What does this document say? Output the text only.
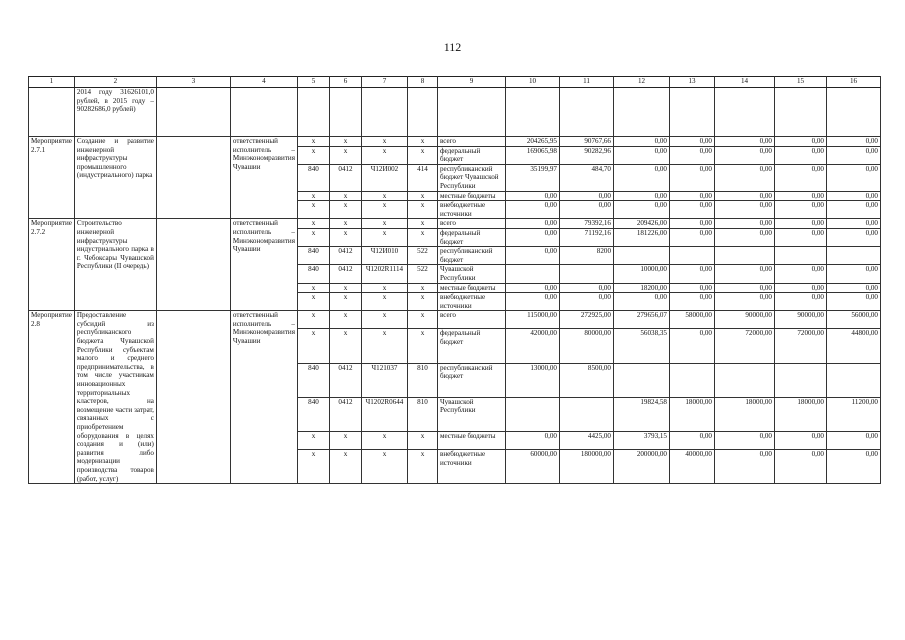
112
1	2	3	4	5	6	7	8	9	10	11	12	13	14	15	16
	2014 году 31626101,0 рублей, в 2015 году – 90282686,0 рублей)														
Мероприятие 2.7.1	Создание и развитие инженерной инфраструктуры промышленного (индустриального) парка		ответственный исполнитель – Минэкономразвития Чувашии	х	х	х	х	всего	204265,95	90767,66	0,00	0,00	0,00	0,00	0,00
				х	х	х	х	федеральный бюджет	169065,98	90282,96	0,00	0,00	0,00	0,00	0,00
				840	0412	Ч12И002	414	республиканский бюджет Чувашской Республики	35199,97	484,70	0,00	0,00	0,00	0,00	0,00
				х	х	х	х	местные бюджеты	0,00	0,00	0,00	0,00	0,00	0,00	0,00
				х	х	х	х	внебюджетные источники	0,00	0,00	0,00	0,00	0,00	0,00	0,00
Мероприятие 2.7.2	Строительство инженерной инфраструктуры индустриального парка в г. Чебоксары Чувашской Республики (II очередь)		ответственный исполнитель – Минэкономразвития Чувашии	х	х	х	х	всего	0,00	79392,16	209426,00	0,00	0,00	0,00	0,00
				х	х	х	х	федеральный бюджет	0,00	71192,16	181226,00	0,00	0,00	0,00	0,00
				840	0412	Ч12И010	522	республиканский бюджет	0,00	8200					
				840	0412	Ч1202R1114	522	Чувашской Республики			10000,00	0,00	0,00	0,00	0,00
				х	х	х	х	местные бюджеты	0,00	0,00	18200,00	0,00	0,00	0,00	0,00
				х	х	х	х	внебюджетные источники	0,00	0,00	0,00	0,00	0,00	0,00	0,00
Мероприятие 2.8	Предоставление субсидий из республиканского бюджета Чувашской Республики субъектам малого и среднего предпринимательства, в том числе участникам инновационных территориальных кластеров, на возмещение части затрат, связанных с приобретением оборудования в целях создания и (или) развития либо модернизации производства товаров (работ, услуг)		ответственный исполнитель – Минэкономразвития Чувашии	х	х	х	х	всего	115000,00	272925,00	279656,07	58000,00	90000,00	90000,00	56000,00
				х	х	х	х	федеральный бюджет	42000,00	80000,00	56038,35	0,00	72000,00	72000,00	44800,00
				840	0412	Ч121037	810	республиканский бюджет	13000,00	8500,00					
				840	0412	Ч1202R0644	810	Чувашской Республики			19824,58	18000,00	18000,00	18000,00	11200,00
				х	х	х	х	местные бюджеты	0,00	4425,00	3793,15	0,00	0,00	0,00	0,00
				х	х	х	х	внебюджетные источники	60000,00	180000,00	200000,00	40000,00	0,00	0,00	0,00
